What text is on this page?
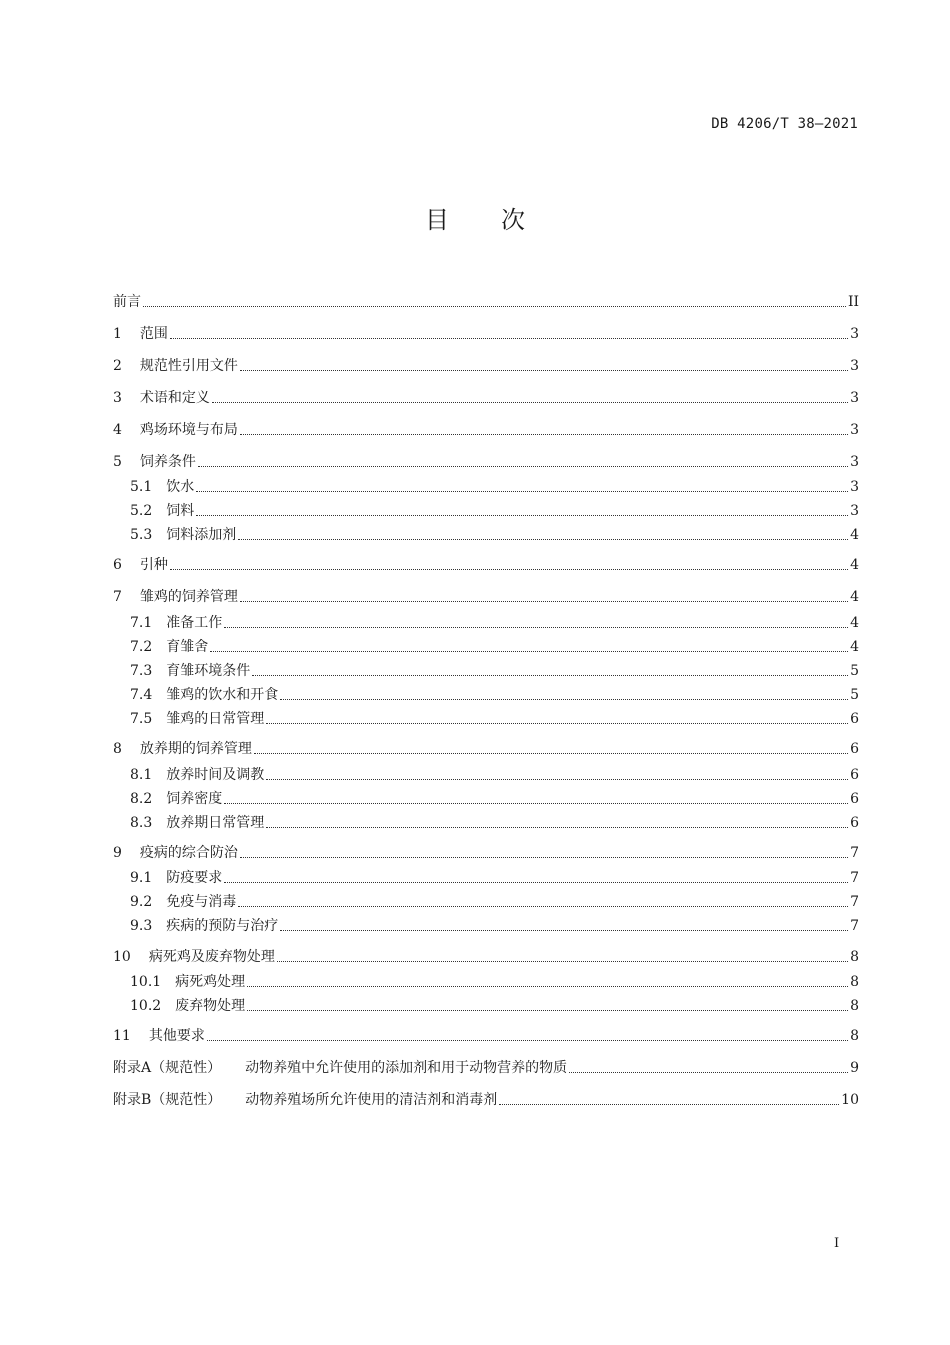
DB 4206/T 38—2021
目次
前言	II
1 范围	3
2 规范性引用文件	3
3 术语和定义	3
4 鸡场环境与布局	3
5 饲养条件	3
5.1 饮水	3
5.2 饲料	3
5.3 饲料添加剂	4
6 引种	4
7 雏鸡的饲养管理	4
7.1 准备工作	4
7.2 育雏舍	4
7.3 育雏环境条件	5
7.4 雏鸡的饮水和开食	5
7.5 雏鸡的日常管理	6
8 放养期的饲养管理	6
8.1 放养时间及调教	6
8.2 饲养密度	6
8.3 放养期日常管理	6
9 疫病的综合防治	7
9.1 防疫要求	7
9.2 免疫与消毒	7
9.3 疾病的预防与治疗	7
10 病死鸡及废弃物处理	8
10.1 病死鸡处理	8
10.2 废弃物处理	8
11 其他要求	8
附录A（规范性） 动物养殖中允许使用的添加剂和用于动物营养的物质	9
附录B（规范性） 动物养殖场所允许使用的清洁剂和消毒剂	10
I
